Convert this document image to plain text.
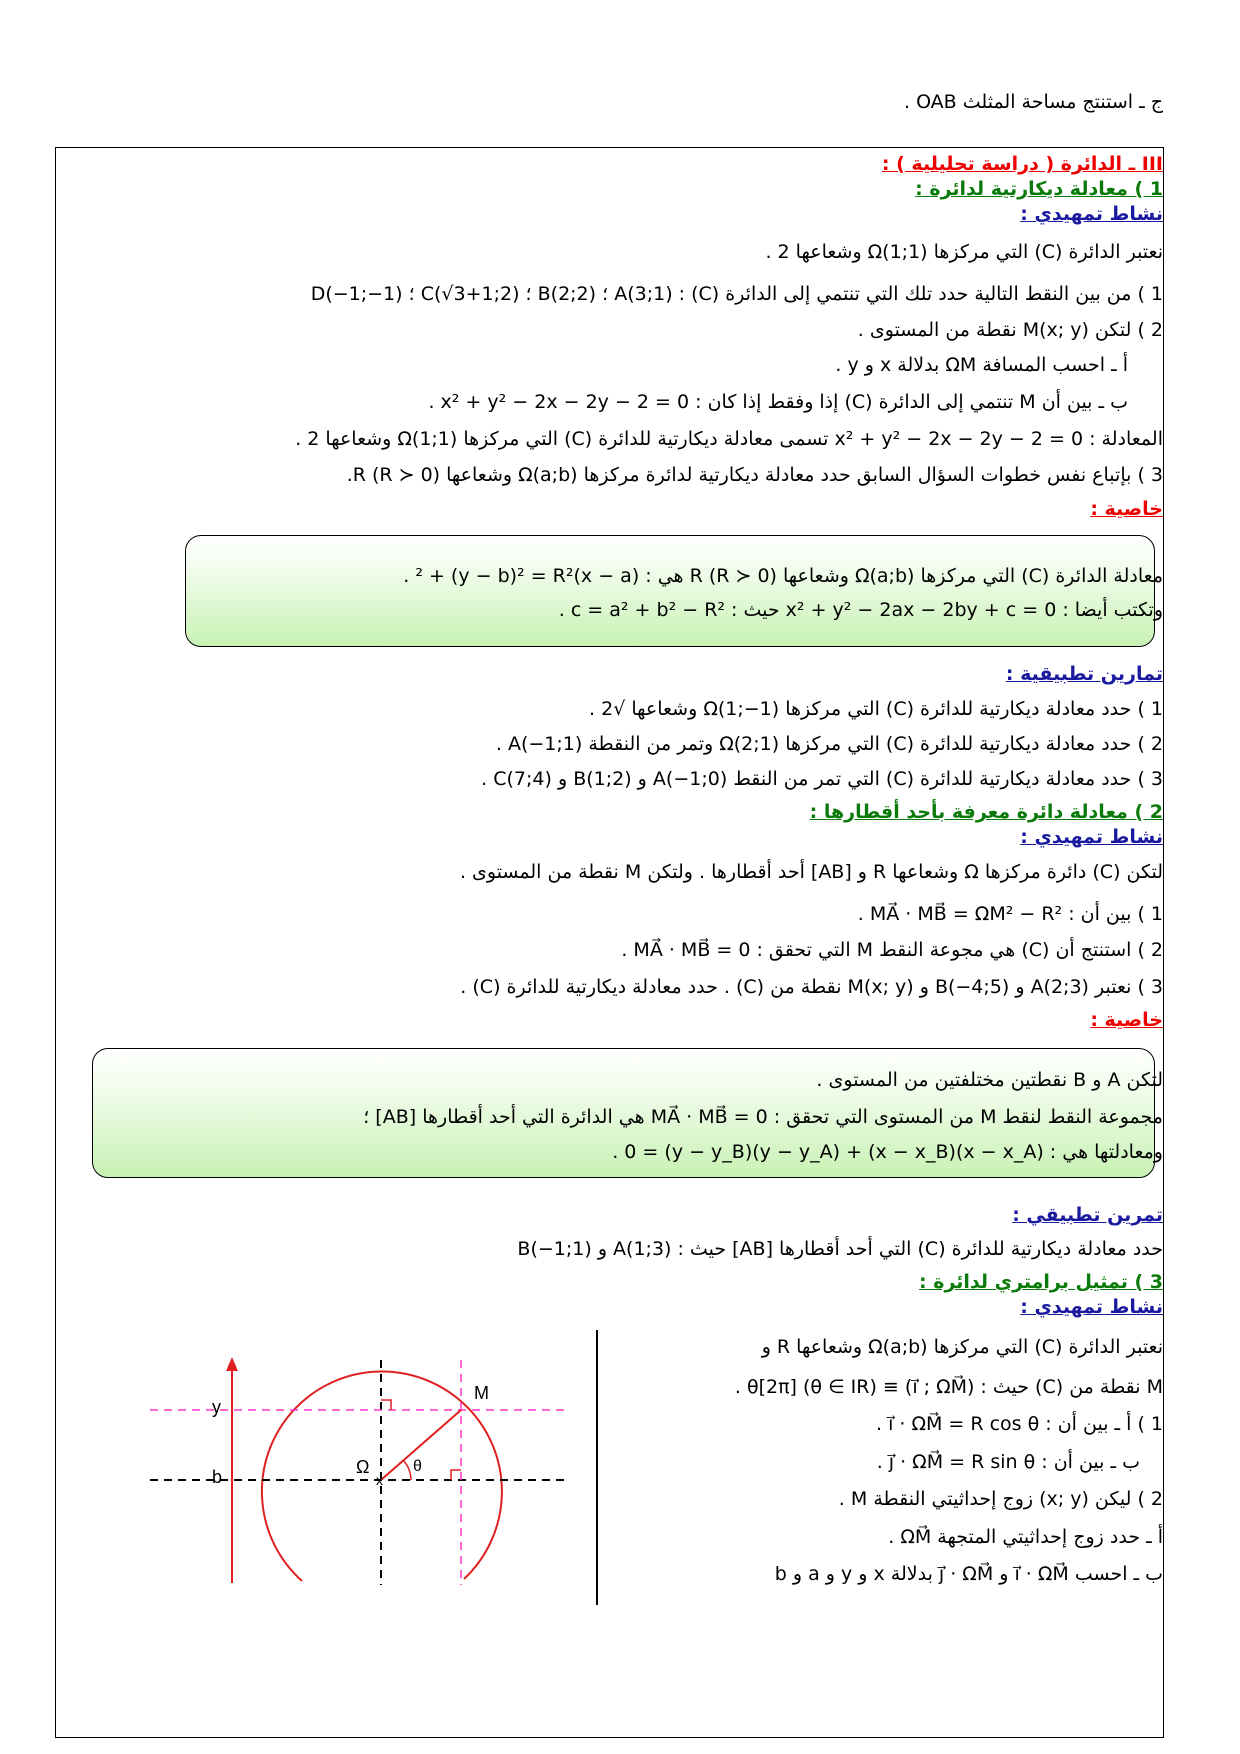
ج ـ استنتج مساحة المثلث OAB .
III ـ الدائرة ( دراسة تحليلية ) :
1 ) معادلة ديكارتية لدائرة :
نشاط تمهيدي :
نعتبر الدائرة (C) التي مركزها Ω(1;1) وشعاعها 2 .
1 ) من بين النقط التالية حدد تلك التي تنتمي إلى الدائرة (C) : A(3;1) ؛ B(2;2) ؛ C(√3+1;2) ؛ D(−1;−1)
2 ) لتكن M(x; y) نقطة من المستوى .
أ ـ احسب المسافة ΩM بدلالة x و y .
ب ـ بين أن M تنتمي إلى الدائرة (C) إذا وفقط إذا كان : x² + y² − 2x − 2y − 2 = 0 .
المعادلة : x² + y² − 2x − 2y − 2 = 0 تسمى معادلة ديكارتية للدائرة (C) التي مركزها Ω(1;1) وشعاعها 2 .
3 ) بإتباع نفس خطوات السؤال السابق حدد معادلة ديكارتية لدائرة مركزها Ω(a;b) وشعاعها R (R ≻ 0).
خاصية :
معادلة الدائرة (C) التي مركزها Ω(a;b) وشعاعها R (R ≻ 0) هي : (x − a)² + (y − b)² = R² .
وتكتب أيضا : x² + y² − 2ax − 2by + c = 0 حيث : c = a² + b² − R² .
تمارين تطبيقية :
1 ) حدد معادلة ديكارتية للدائرة (C) التي مركزها Ω(1;−1) وشعاعها √2 .
2 ) حدد معادلة ديكارتية للدائرة (C) التي مركزها Ω(2;1) وتمر من النقطة A(−1;1) .
3 ) حدد معادلة ديكارتية للدائرة (C) التي تمر من النقط A(−1;0) و B(1;2) و C(7;4) .
2 ) معادلة دائرة معرفة بأحد أقطارها :
نشاط تمهيدي :
لتكن (C) دائرة مركزها Ω وشعاعها R و [AB] أحد أقطارها . ولتكن M نقطة من المستوى .
1 ) بين أن : MA⃗ · MB⃗ = ΩM² − R² .
2 ) استنتج أن (C) هي مجوعة النقط M التي تحقق : MA⃗ · MB⃗ = 0 .
3 ) نعتبر A(2;3) و B(−4;5) و M(x; y) نقطة من (C) . حدد معادلة ديكارتية للدائرة (C) .
خاصية :
لتكن A و B نقطتين مختلفتين من المستوى .
مجموعة النقط لنقط M من المستوى التي تحقق : MA⃗ · MB⃗ = 0 هي الدائرة التي أحد أقطارها [AB] ؛
ومعادلتها هي : (x − x_A)(x − x_B) + (y − y_A)(y − y_B) = 0 .
تمرين تطبيقي :
حدد معادلة ديكارتية للدائرة (C) التي أحد أقطارها [AB] حيث : A(1;3) و B(−1;1)
3 ) تمثيل برامتري لدائرة :
نشاط تمهيدي :
نعتبر الدائرة (C) التي مركزها Ω(a;b) وشعاعها R و
M نقطة من (C) حيث : (i⃗ ; ΩM⃗) ≡ θ[2π] (θ ∈ IR) .
1 ) أ ـ بين أن : i⃗ · ΩM⃗ = R cos θ .
ب ـ بين أن : j⃗ · ΩM⃗ = R sin θ .
2 ) ليكن (x; y) زوج إحداثيتي النقطة M .
أ ـ حدد زوج إحداثيتي المتجهة ΩM⃗ .
ب ـ احسب i⃗ · ΩM⃗ و j⃗ · ΩM⃗ بدلالة x و y و a و b
x
M
y
b	Ω	θ
